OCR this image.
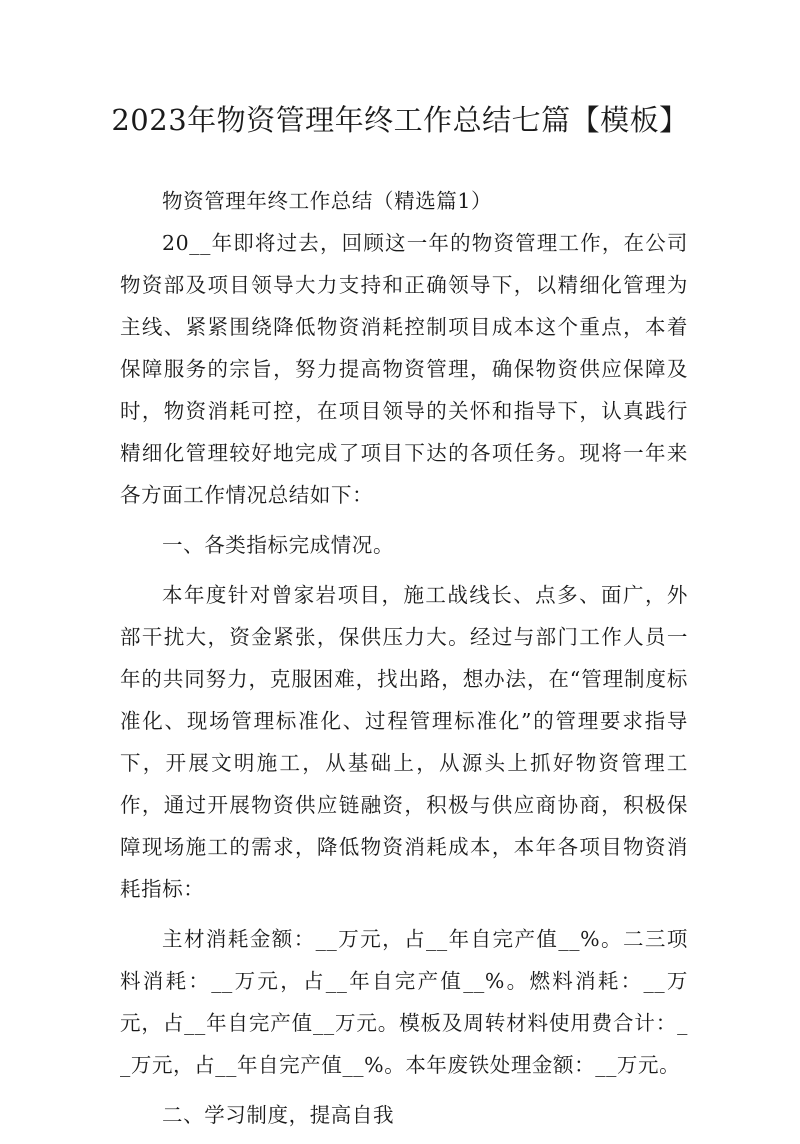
2023年物资管理年终工作总结七篇【模板】

物资管理年终工作总结（精选篇1）

20__年即将过去，回顾这一年的物资管理工作，在公司物资部及项目领导大力支持和正确领导下，以精细化管理为主线、紧紧围绕降低物资消耗控制项目成本这个重点，本着保障服务的宗旨，努力提高物资管理，确保物资供应保障及时，物资消耗可控，在项目领导的关怀和指导下，认真践行精细化管理较好地完成了项目下达的各项任务。现将一年来各方面工作情况总结如下：

一、各类指标完成情况。

本年度针对曾家岩项目，施工战线长、点多、面广，外部干扰大，资金紧张，保供压力大。经过与部门工作人员一年的共同努力，克服困难，找出路，想办法，在“管理制度标准化、现场管理标准化、过程管理标准化”的管理要求指导下，开展文明施工，从基础上，从源头上抓好物资管理工作，通过开展物资供应链融资，积极与供应商协商，积极保障现场施工的需求，降低物资消耗成本，本年各项目物资消耗指标：

主材消耗金额：__万元，占__年自完产值__%。二三项料消耗：__万元，占__年自完产值__%。燃料消耗：__万元，占__年自完产值__万元。模板及周转材料使用费合计：__万元，占__年自完产值__%。本年废铁处理金额：__万元。

二、学习制度，提高自我
